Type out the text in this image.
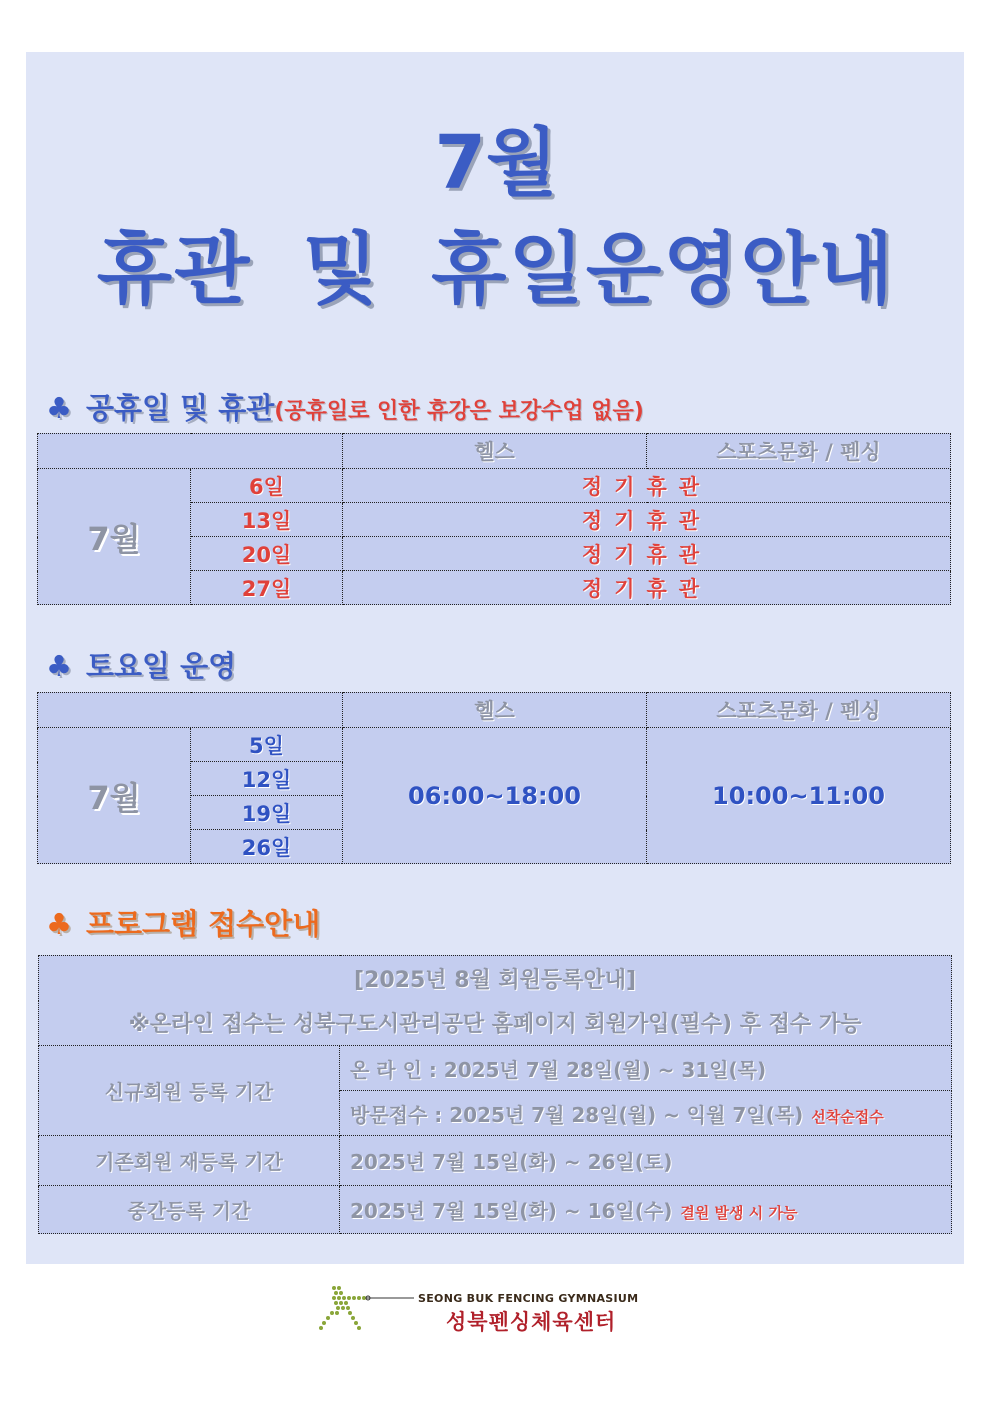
7월
휴관 및 휴일운영안내
♣ 공휴일 및 휴관(공휴일로 인한 휴강은 보강수업 없음)
		헬스	스포츠문화 / 펜싱
7월	6일	정기휴관	
	13일	정기휴관	
	20일	정기휴관	
	27일	정기휴관	
♣ 토요일 운영
		헬스	스포츠문화 / 펜싱
7월	5일	06:00~18:00	10:00~11:00
	12일		
	19일		
	26일		
♣ 프로그램 접수안내
[2025년 8월 회원등록안내]	
※온라인 접수는 성북구도시관리공단 홈페이지 회원가입(필수) 후 접수 가능	
신규회원 등록 기간	온 라 인 : 2025년 7월 28일(월) ~ 31일(목)
	방문접수 : 2025년 7월 28일(월) ~ 익월 7일(목) 선착순접수
기존회원 재등록 기간	2025년 7월 15일(화) ~ 26일(토)
중간등록 기간	2025년 7월 15일(화) ~ 16일(수) 결원 발생 시 가능
SEONG BUK FENCING GYMNASIUM
성북펜싱체육센터
